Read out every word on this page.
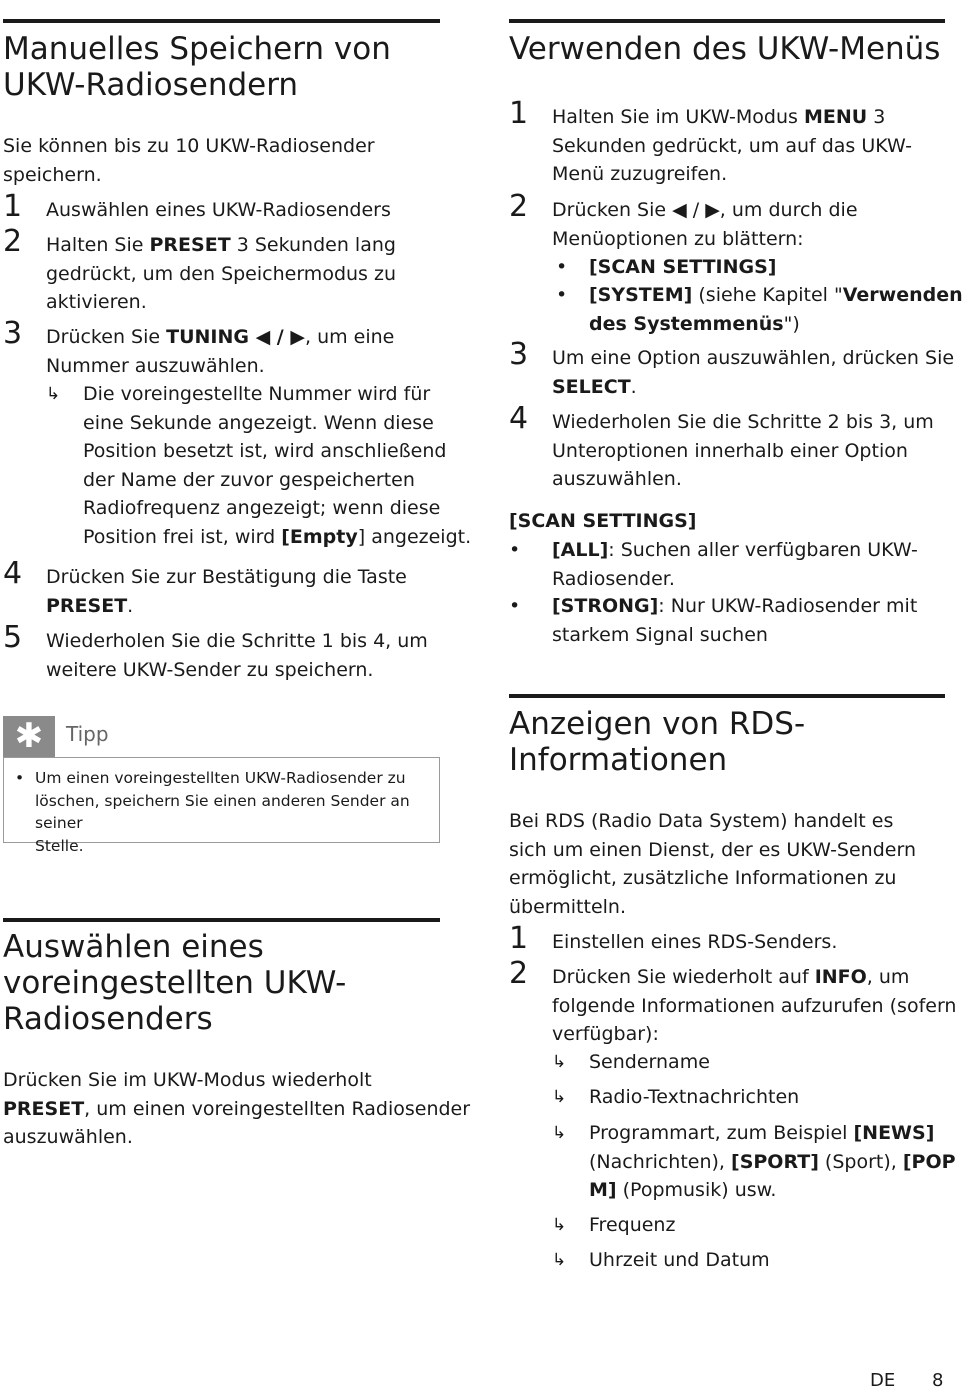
Manuelles Speichern von
UKW-Radiosendern
Sie können bis zu 10 UKW-Radiosender
speichern.
1 Auswählen eines UKW-Radiosenders
2 Halten Sie PRESET 3 Sekunden lang
gedrückt, um den Speichermodus zu
aktivieren.
3 Drücken Sie TUNING ◀ / ▶, um eine
Nummer auszuwählen.
↳ Die voreingestellte Nummer wird für
eine Sekunde angezeigt. Wenn diese
Position besetzt ist, wird anschließend
der Name der zuvor gespeicherten
Radiofrequenz angezeigt; wenn diese
Position frei ist, wird [Empty] angezeigt.
4 Drücken Sie zur Bestätigung die Taste
PRESET.
5 Wiederholen Sie die Schritte 1 bis 4, um
weitere UKW-Sender zu speichern.
✱	Tipp
• Um einen voreingestellten UKW-Radiosender zu
löschen, speichern Sie einen anderen Sender an seiner
Stelle.
Auswählen eines
voreingestellten UKW-
Radiosenders
Drücken Sie im UKW-Modus wiederholt
PRESET, um einen voreingestellten Radiosender
auszuwählen.
Verwenden des UKW-Menüs
1 Halten Sie im UKW-Modus MENU 3
Sekunden gedrückt, um auf das UKW-
Menü zuzugreifen.
2 Drücken Sie ◀ / ▶, um durch die
Menüoptionen zu blättern:
• [SCAN SETTINGS]
• [SYSTEM] (siehe Kapitel "Verwenden
des Systemmenüs")
3 Um eine Option auszuwählen, drücken Sie
SELECT.
4 Wiederholen Sie die Schritte 2 bis 3, um
Unteroptionen innerhalb einer Option
auszuwählen.
[SCAN SETTINGS]
• [ALL]: Suchen aller verfügbaren UKW-
Radiosender.
• [STRONG]: Nur UKW-Radiosender mit
starkem Signal suchen
Anzeigen von RDS-
Informationen
Bei RDS (Radio Data System) handelt es
sich um einen Dienst, der es UKW-Sendern
ermöglicht, zusätzliche Informationen zu
übermitteln.
1 Einstellen eines RDS-Senders.
2 Drücken Sie wiederholt auf INFO, um
folgende Informationen aufzurufen (sofern
verfügbar):
↳ Sendername
↳ Radio-Textnachrichten
↳ Programmart, zum Beispiel [NEWS]
(Nachrichten), [SPORT] (Sport), [POP
M] (Popmusik) usw.
↳ Frequenz
↳ Uhrzeit und Datum
DE 8
